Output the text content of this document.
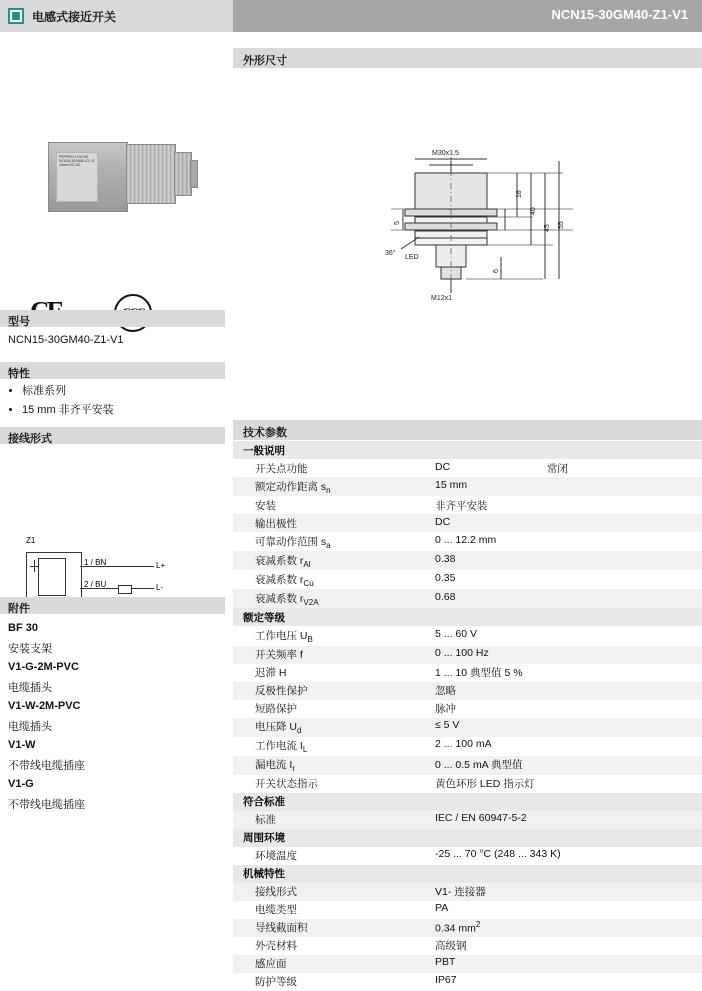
电感式接近开关	NCN15-30GM40-Z1-V1
PEPPERL+FUCHS NCN15-30GM40-Z1-V1 15mm DC NO
型号
NCN15-30GM40-Z1-V1
特性
• 标准系列
• 15 mm 非齐平安装
接线形式
Z1
1 / BN
2 / BU
L+
L-
附件
BF 30
安装支架
V1-G-2M-PVC
电缆插头
V1-W-2M-PVC
电缆插头
V1-W
不带线电缆插座
V1-G
不带线电缆插座
外形尺寸
M30x1,5
18
40
45 55
5
6
36°
LED
M12x1
技术参数
一般说明		
开关点功能	DC	常闭
额定动作距离 $s_n$	15 mm	
安装	非齐平安装	
输出极性	DC	
可靠动作范围 $s_a$	0 ... 12.2 mm	
衰减系数 $r_{Al}$	0.38	
衰减系数 $r_{Cu}$	0.35	
衰减系数 $r_{V2A}$	0.68	
额定等级		
工作电压 $U_B$	5 ... 60 V	
开关频率 f	0 ... 100 Hz	
迟滞 H	1 ... 10 典型值 5 %	
反极性保护	忽略	
短路保护	脉冲	
电压降 $U_d$	≤ 5 V	
工作电流 $I_L$	2 ... 100 mA	
漏电流 $I_r$	0 ... 0.5 mA 典型值	
开关状态指示	黄色环形 LED 指示灯	
符合标准		
标准	IEC / EN 60947-5-2	
周围环境		
环境温度	-25 ... 70 °C (248 ... 343 K)	
机械特性		
接线形式	V1- 连接器	
电缆类型	PA	
导线截面积	0.34 $mm^2$
外壳材料	高级钢	
感应面	PBT	
防护等级	IP67	
